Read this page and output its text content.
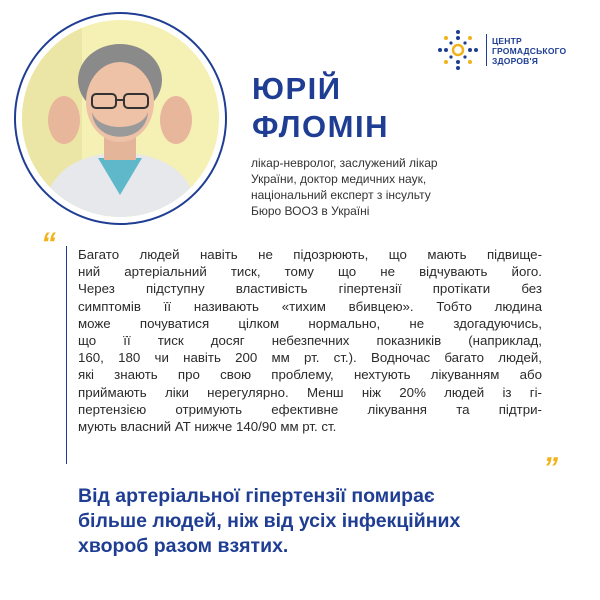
ЦЕНТР
ГРОМАДСЬКОГО
ЗДОРОВ'Я
ЮРІЙ
ФЛОМІН
лікар-невролог, заслужений лікар
України, доктор медичних наук,
національний експерт з інсульту
Бюро ВООЗ в Україні
“ Багато людей навіть не підозрюють, що мають підвище-
ний артеріальний тиск, тому що не відчувають його.
Через підступну властивість гіпертензії протікати без
симптомів її називають «тихим вбивцею». Тобто людина
може почуватися цілком нормально, не здогадуючись,
що її тиск досяг небезпечних показників (наприклад,
160, 180 чи навіть 200 мм рт. ст.). Водночас багато людей,
які знають про свою проблему, нехтують лікуванням або
приймають ліки нерегулярно. Менш ніж 20% людей із гі-
пертензією отримують ефективне лікування та підтри-
мують власний АТ нижче 140/90 мм рт. ст.
„
Від артеріальної гіпертензії помирає
більше людей, ніж від усіх інфекційних
хвороб разом взятих.
